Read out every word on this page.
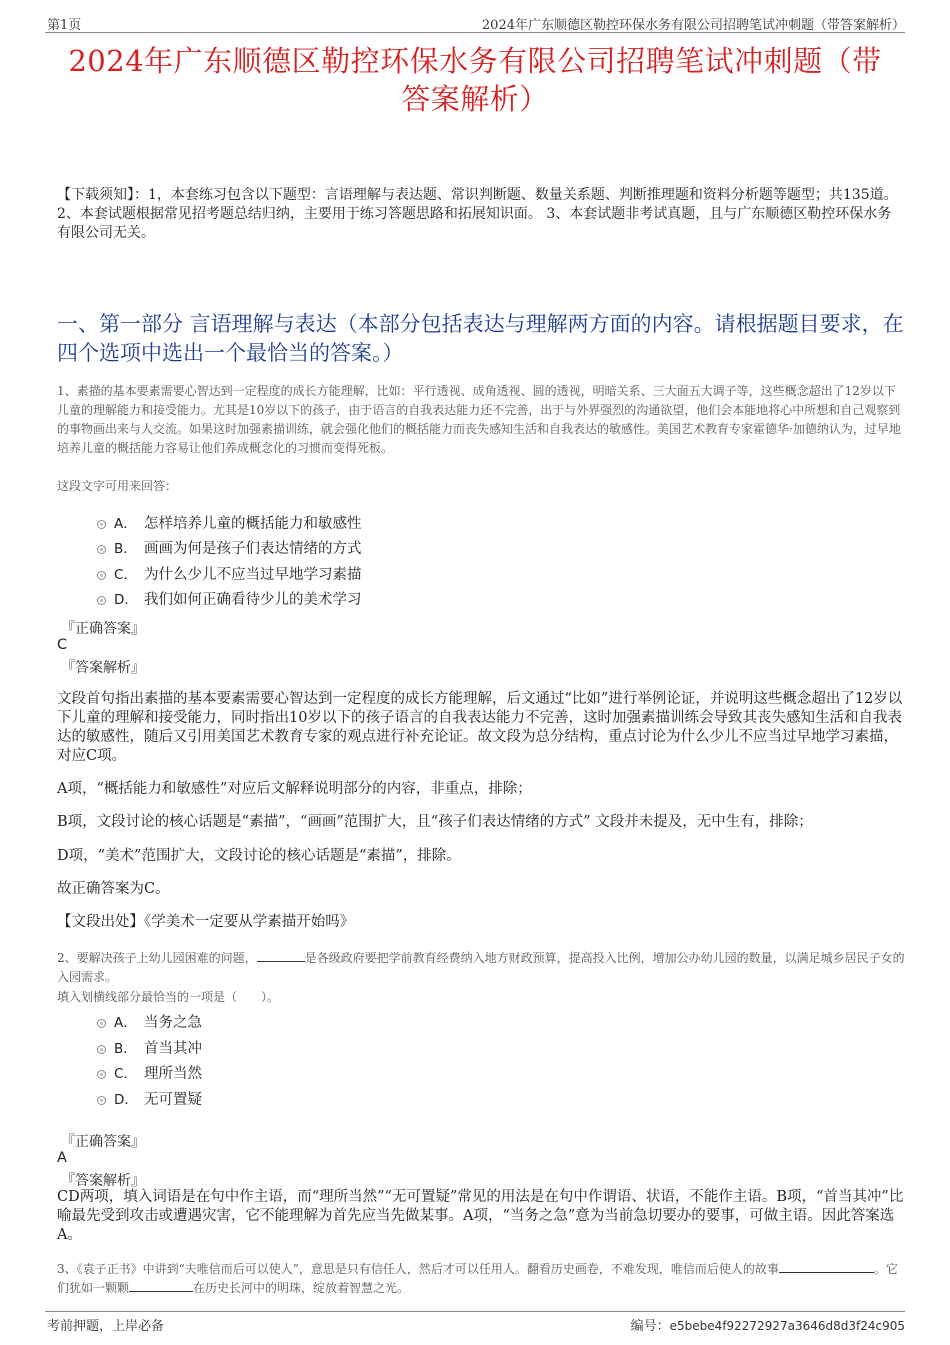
第1页	2024年广东顺德区勒控环保水务有限公司招聘笔试冲刺题（带答案解析）
2024年广东顺德区勒控环保水务有限公司招聘笔试冲刺题（带
答案解析）
【下载须知】：1，本套练习包含以下题型：言语理解与表达题、常识判断题、数量关系题、判断推理题和资料分析题等题型；共135道。 2、本套试题根据常见招考题总结归纳，主要用于练习答题思路和拓展知识面。 3、本套试题非考试真题，且与广东顺德区勒控环保水务有限公司无关。
一、第一部分 言语理解与表达（本部分包括表达与理解两方面的内容。请根据题目要求，在四个选项中选出一个最恰当的答案。）
1、素描的基本要素需要心智达到一定程度的成长方能理解，比如：平行透视、成角透视、圆的透视，明暗关系、三大面五大调子等，这些概念超出了12岁以下儿童的理解能力和接受能力。尤其是10岁以下的孩子，由于语言的自我表达能力还不完善，出于与外界强烈的沟通欲望，他们会本能地将心中所想和自己观察到的事物画出来与人交流。如果这时加强素描训练，就会强化他们的概括能力而丧失感知生活和自我表达的敏感性。美国艺术教育专家霍德华·加德纳认为，过早地培养儿童的概括能力容易让他们养成概念化的习惯而变得死板。
这段文字可用来回答：
A． 怎样培养儿童的概括能力和敏感性
B． 画画为何是孩子们表达情绪的方式
C． 为什么少儿不应当过早地学习素描
D． 我们如何正确看待少儿的美术学习
『正确答案』
C
『答案解析』
文段首句指出素描的基本要素需要心智达到一定程度的成长方能理解，后文通过“比如”进行举例论证，并说明这些概念超出了12岁以下儿童的理解和接受能力，同时指出10岁以下的孩子语言的自我表达能力不完善，这时加强素描训练会导致其丧失感知生活和自我表达的敏感性，随后又引用美国艺术教育专家的观点进行补充论证。故文段为总分结构，重点讨论为什么少儿不应当过早地学习素描，对应C项。
A项，“概括能力和敏感性”对应后文解释说明部分的内容，非重点，排除；
B项，文段讨论的核心话题是“素描”，“画画”范围扩大，且“孩子们表达情绪的方式” 文段并未提及，无中生有，排除；
D项，“美术”范围扩大，文段讨论的核心话题是“素描”，排除。
故正确答案为C。
【文段出处】《学美术一定要从学素描开始吗》
2、要解决孩子上幼儿园困难的问题，	是各级政府要把学前教育经费纳入地方财政预算，提高投入比例，增加公办幼儿园的数量，以满足城乡居民子女的入园需求。
填入划横线部分最恰当的一项是（　　）。
A． 当务之急
B． 首当其冲
C． 理所当然
D． 无可置疑
『正确答案』
A
『答案解析』
CD两项，填入词语是在句中作主语，而“理所当然”“无可置疑”常见的用法是在句中作谓语、状语，不能作主语。B项，“首当其冲”比喻最先受到攻击或遭遇灾害，它不能理解为首先应当先做某事。A项，“当务之急”意为当前急切要办的要事，可做主语。因此答案选A。
3、《袁子正书》中讲到“夫唯信而后可以使人”，意思是只有信任人，然后才可以任用人。翻看历史画卷，不难发现，唯信而后使人的故事	。它们犹如一颗颗	在历史长河中的明珠，绽放着智慧之光。
考前押题，上岸必备	编号：e5bebe4f92272927a3646d8d3f24c905
